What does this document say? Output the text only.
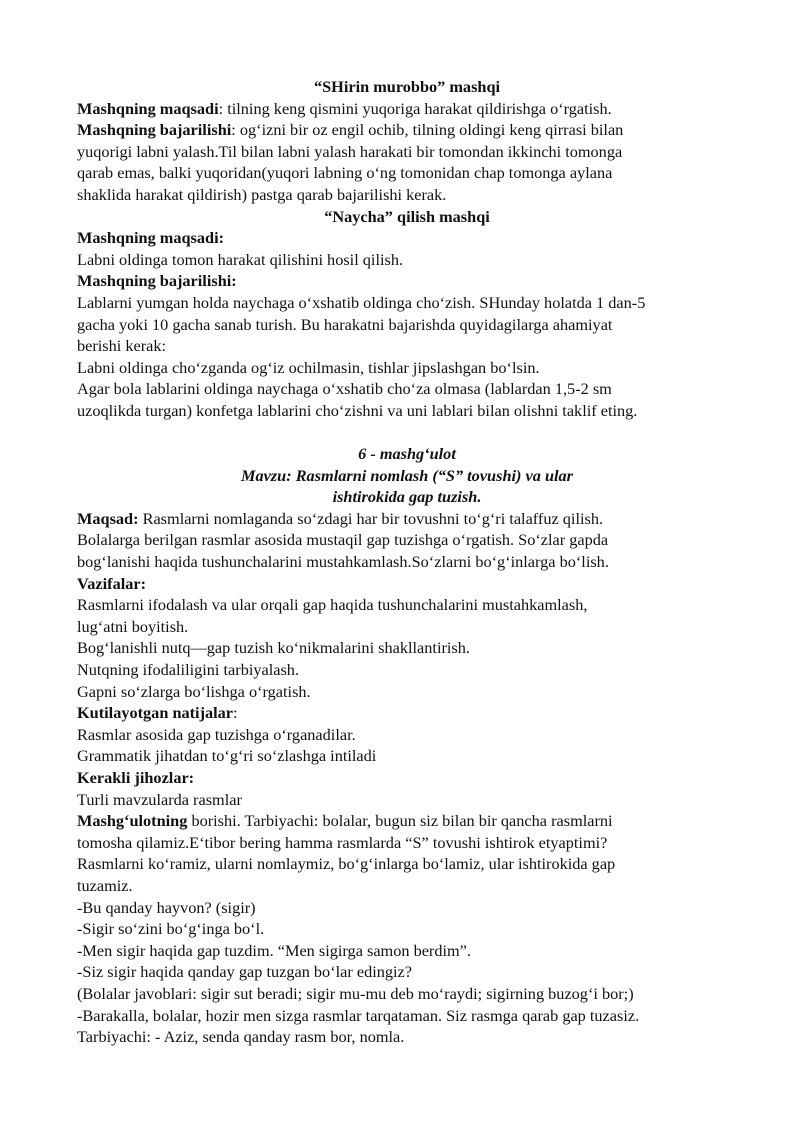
“SHirin murobbo” mashqi
Mashqning maqsadi: tilning keng qismini yuqoriga harakat qildirishga o‘rgatish.
Mashqning bajarilishi: og‘izni bir oz engil ochib, tilning oldingi keng qirrasi bilan
yuqorigi labni yalash.Til bilan labni yalash harakati bir tomondan ikkinchi tomonga
qarab emas, balki yuqoridan(yuqori labning o‘ng tomonidan chap tomonga aylana
shaklida harakat qildirish) pastga qarab bajarilishi kerak.
“Naycha” qilish mashqi
Mashqning maqsadi:
Labni oldinga tomon harakat qilishini hosil qilish.
Mashqning bajarilishi:
Lablarni yumgan holda naychaga o‘xshatib oldinga cho‘zish. SHunday holatda 1 dan-5
gacha yoki 10 gacha sanab turish. Bu harakatni bajarishda quyidagilarga ahamiyat
berishi kerak:
Labni oldinga cho‘zganda og‘iz ochilmasin, tishlar jipslashgan bo‘lsin.
Agar bola lablarini oldinga naychaga o‘xshatib cho‘za olmasa (lablardan 1,5-2 sm
uzoqlikda turgan) konfetga lablarini cho‘zishni va uni lablari bilan olishni taklif eting.
6 - mashg‘ulot
Mavzu: Rasmlarni nomlash (“S” tovushi) va ular
ishtirokida gap tuzish.
Maqsad: Rasmlarni nomlaganda so‘zdagi har bir tovushni to‘g‘ri talaffuz qilish.
Bolalarga berilgan rasmlar asosida mustaqil gap tuzishga o‘rgatish. So‘zlar gapda
bog‘lanishi haqida tushunchalarini mustahkamlash.So‘zlarni bo‘g‘inlarga bo‘lish.
Vazifalar:
Rasmlarni ifodalash va ular orqali gap haqida tushunchalarini mustahkamlash,
lug‘atni boyitish.
Bog‘lanishli nutq—gap tuzish ko‘nikmalarini shakllantirish.
Nutqning ifodaliligini tarbiyalash.
Gapni so‘zlarga bo‘lishga o‘rgatish.
Kutilayotgan natijalar:
Rasmlar asosida gap tuzishga o‘rganadilar.
Grammatik jihatdan to‘g‘ri so‘zlashga intiladi
Kerakli jihozlar:
Turli mavzularda rasmlar
Mashg‘ulotning borishi. Tarbiyachi: bolalar, bugun siz bilan bir qancha rasmlarni
tomosha qilamiz.E‘tibor bering hamma rasmlarda “S” tovushi ishtirok etyaptimi?
Rasmlarni ko‘ramiz, ularni nomlaymiz, bo‘g‘inlarga bo‘lamiz, ular ishtirokida gap
tuzamiz.
-Bu qanday hayvon? (sigir)
-Sigir so‘zini bo‘g‘inga bo‘l.
-Men sigir haqida gap tuzdim. “Men sigirga samon berdim”.
-Siz sigir haqida qanday gap tuzgan bo‘lar edingiz?
(Bolalar javoblari: sigir sut beradi; sigir mu-mu deb mo‘raydi; sigirning buzog‘i bor;)
-Barakalla, bolalar, hozir men sizga rasmlar tarqataman. Siz rasmga qarab gap tuzasiz.
Tarbiyachi: - Aziz, senda qanday rasm bor, nomla.
